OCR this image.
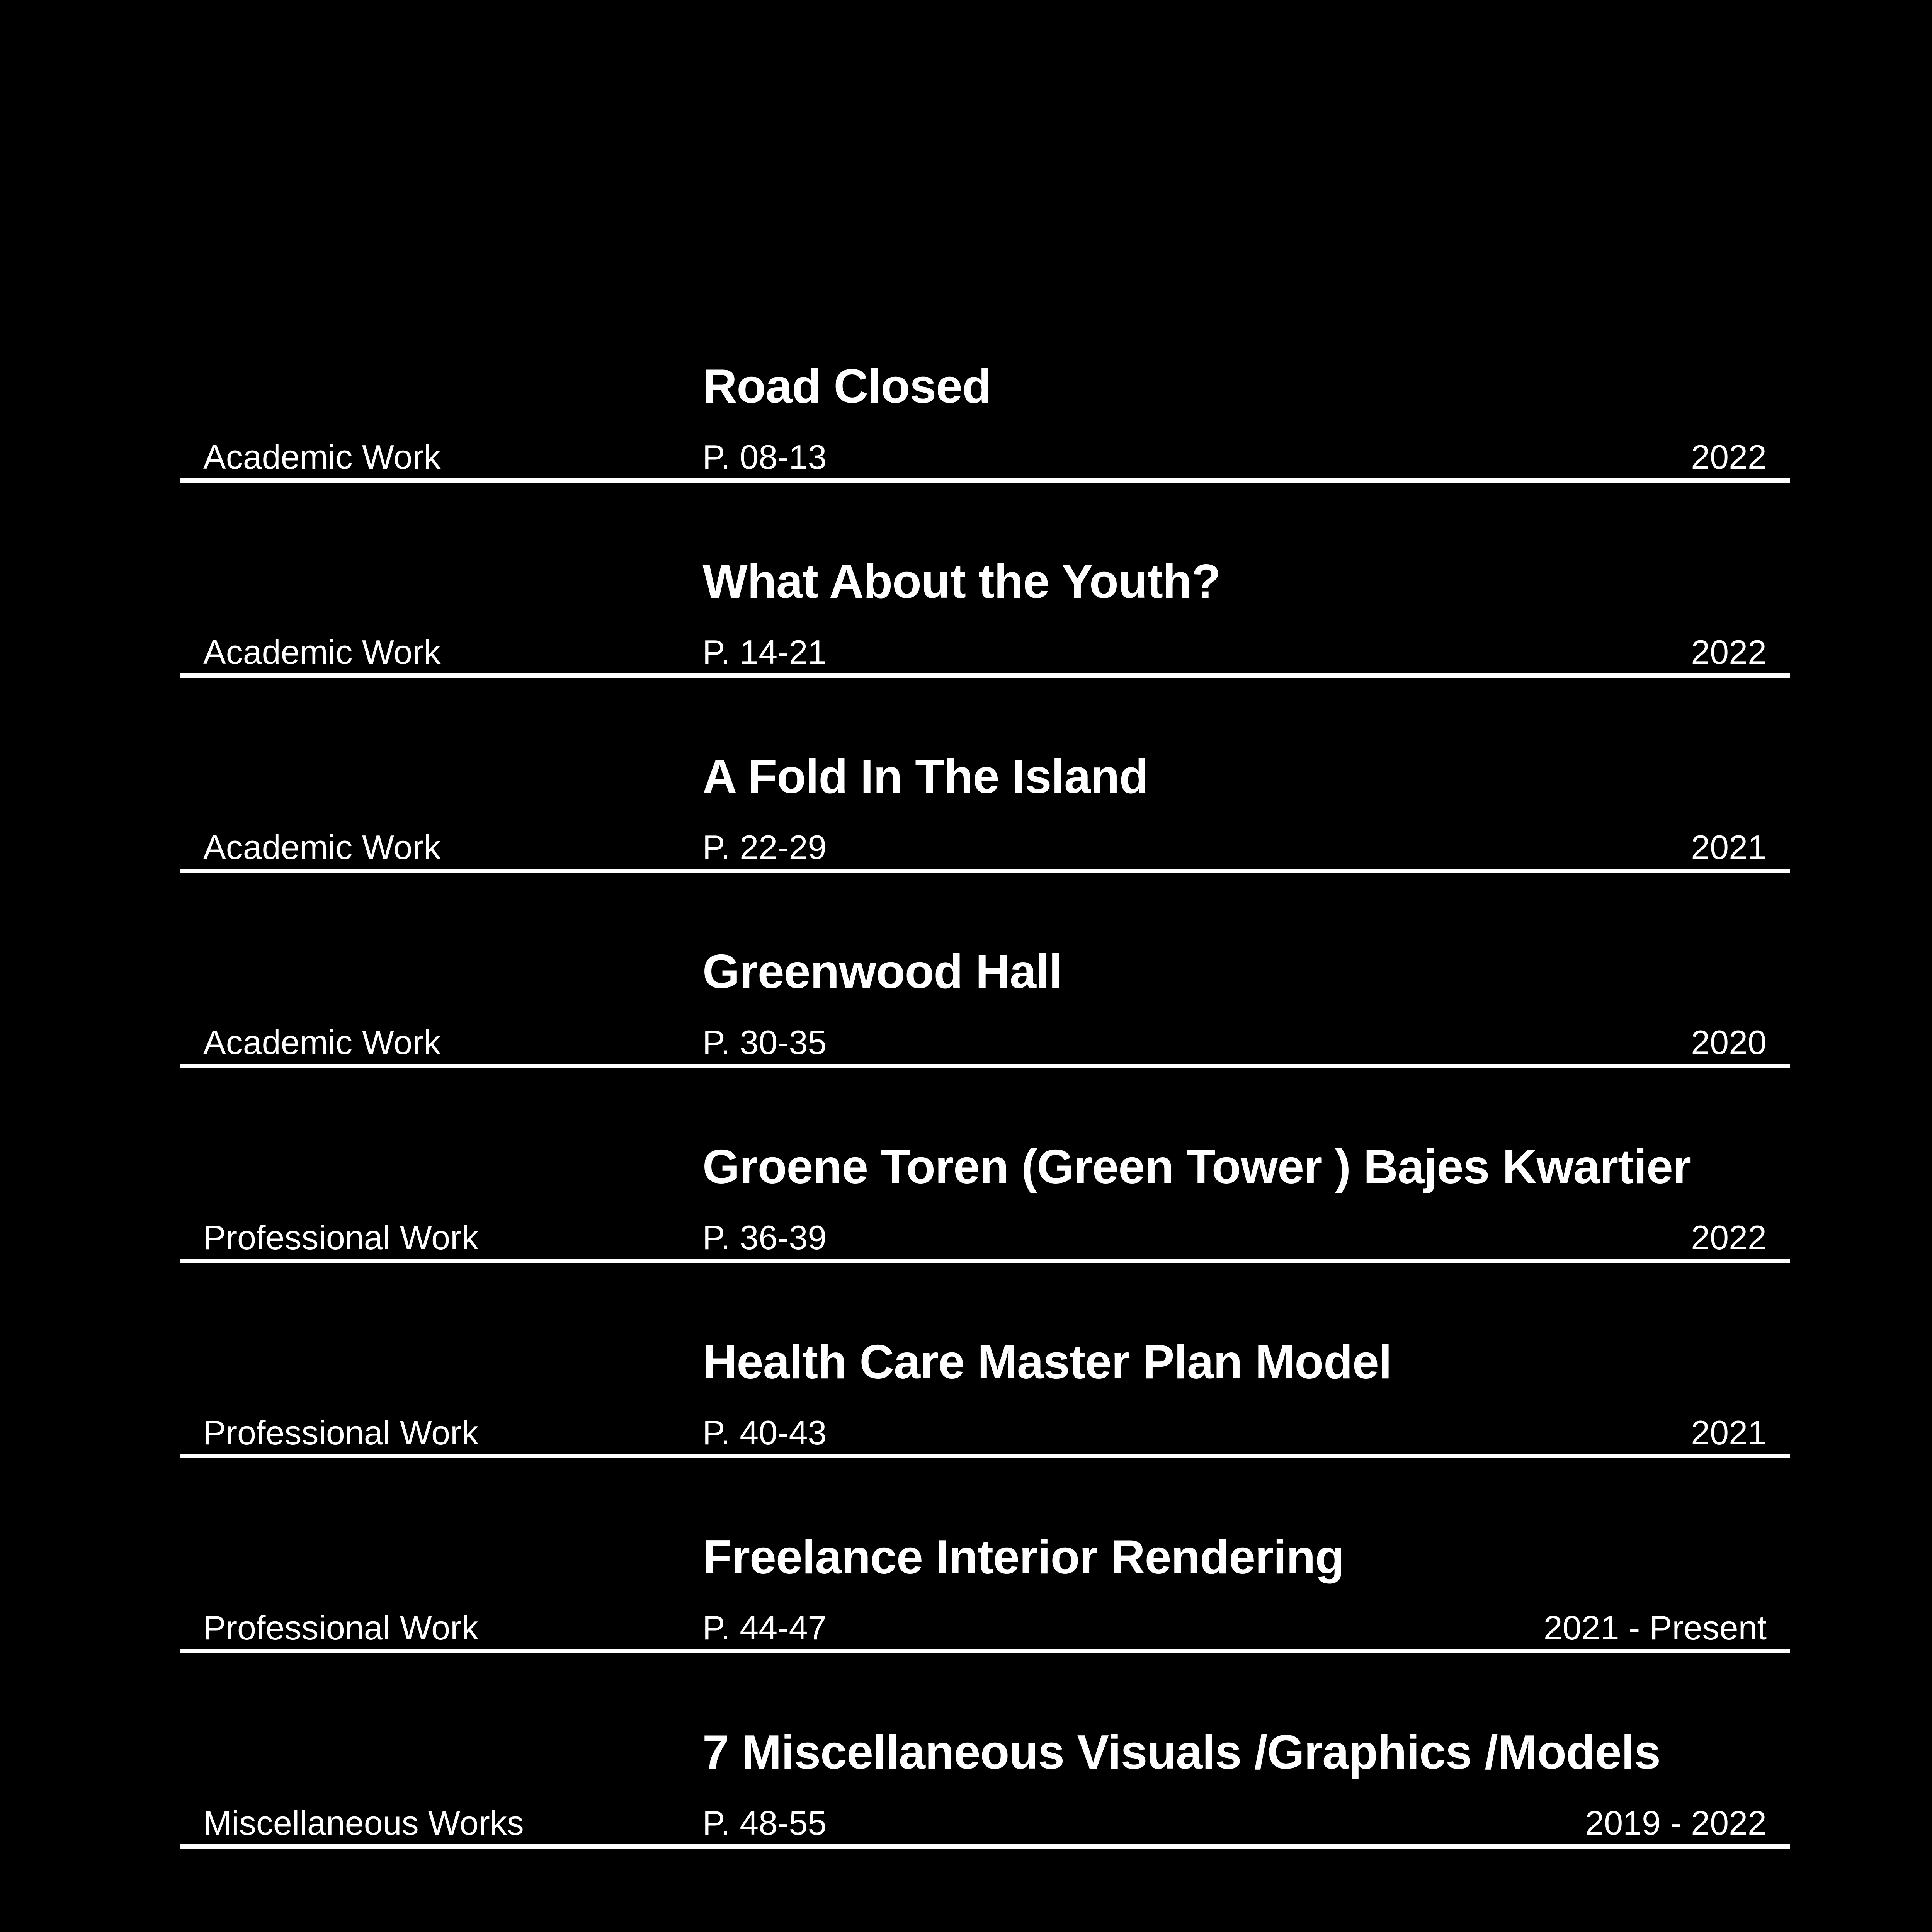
Road Closed
Academic Work	P. 08-13	2022
What About the Youth?
Academic Work	P. 14-21	2022
A Fold In The Island
Academic Work	P. 22-29	2021
Greenwood Hall
Academic Work	P. 30-35	2020
Groene Toren (Green Tower ) Bajes Kwartier
Professional Work	P. 36-39	2022
Health Care Master Plan Model
Professional Work	P. 40-43	2021
Freelance Interior Rendering
Professional Work	P. 44-47	2021 - Present
7 Miscellaneous Visuals /Graphics /Models
Miscellaneous Works	P. 48-55	2019 - 2022
